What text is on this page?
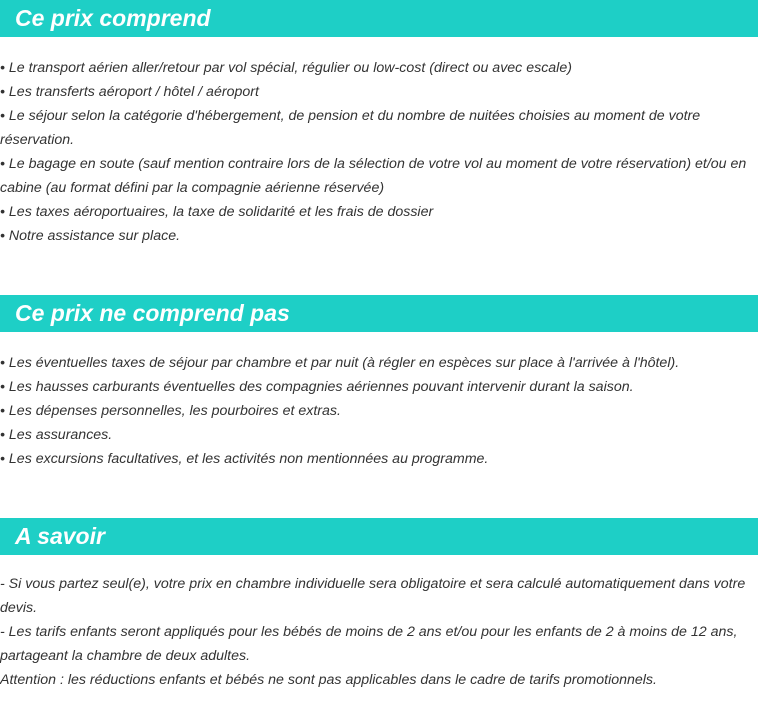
Ce prix comprend
• Le transport aérien aller/retour par vol spécial, régulier ou low-cost (direct ou avec escale)
• Les transferts aéroport / hôtel / aéroport
• Le séjour selon la catégorie d'hébergement, de pension et du nombre de nuitées choisies au moment de votre
réservation.
• Le bagage en soute (sauf mention contraire lors de la sélection de votre vol au moment de votre réservation) et/ou en
cabine (au format défini par la compagnie aérienne réservée)
• Les taxes aéroportuaires, la taxe de solidarité et les frais de dossier
• Notre assistance sur place.
Ce prix ne comprend pas
• Les éventuelles taxes de séjour par chambre et par nuit (à régler en espèces sur place à l'arrivée à l'hôtel).
• Les hausses carburants éventuelles des compagnies aériennes pouvant intervenir durant la saison.
• Les dépenses personnelles, les pourboires et extras.
• Les assurances.
• Les excursions facultatives, et les activités non mentionnées au programme.
A savoir
- Si vous partez seul(e), votre prix en chambre individuelle sera obligatoire et sera calculé automatiquement dans votre
devis.
- Les tarifs enfants seront appliqués pour les bébés de moins de 2 ans et/ou pour les enfants de 2 à moins de 12 ans,
partageant la chambre de deux adultes.
Attention : les réductions enfants et bébés ne sont pas applicables dans le cadre de tarifs promotionnels.
